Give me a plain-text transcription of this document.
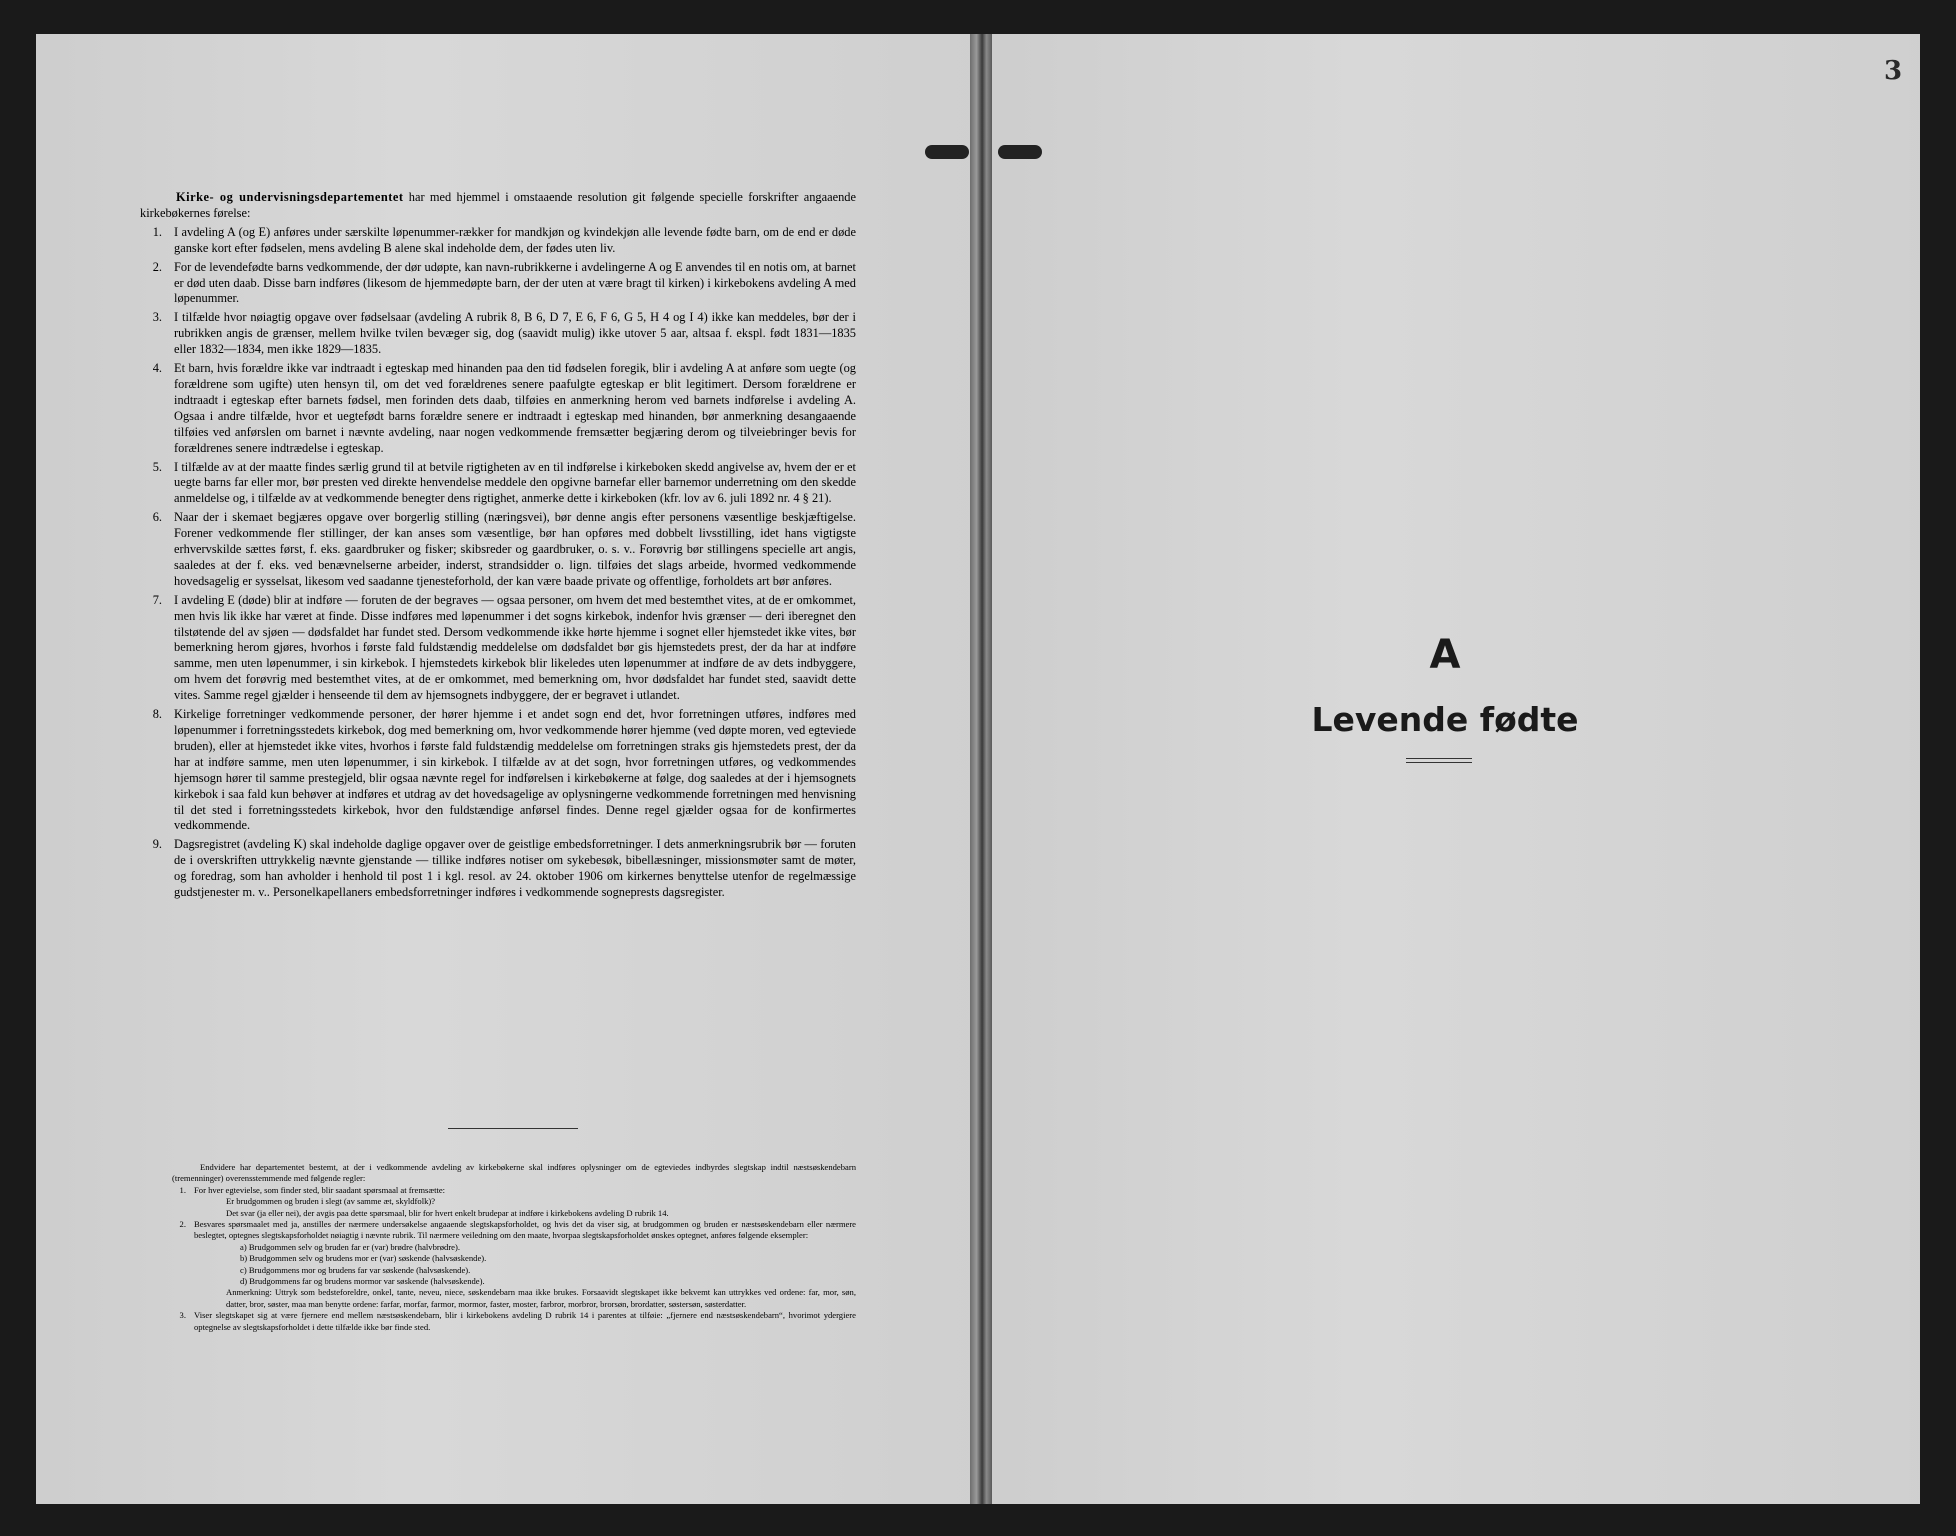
3

Kirke- og undervisningsdepartementet har med hjemmel i omstaaende resolution git følgende specielle forskrifter angaaende kirkebøkernes førelse:

1. I avdeling A (og E) anføres under særskilte løpenummer-rækker for mandkjøn og kvindekjøn alle levende fødte barn, om de end er døde ganske kort efter fødselen, mens avdeling B alene skal indeholde dem, der fødes uten liv.
2. For de levendefødte barns vedkommende, der dør udøpte, kan navn-rubrikkerne i avdelingerne A og E anvendes til en notis om, at barnet er død uten daab. Disse barn indføres (likesom de hjemmedøpte barn, der der uten at være bragt til kirken) i kirkebokens avdeling A med løpenummer.
3. I tilfælde hvor nøiagtig opgave over fødselsaar (avdeling A rubrik 8, B 6, D 7, E 6, F 6, G 5, H 4 og I 4) ikke kan meddeles, bør der i rubrikken angis de grænser, mellem hvilke tvilen bevæger sig, dog (saavidt mulig) ikke utover 5 aar, altsaa f. ekspl. født 1831—1835 eller 1832—1834, men ikke 1829—1835.
4. Et barn, hvis forældre ikke var indtraadt i egteskap med hinanden paa den tid fødselen foregik, blir i avdeling A at anføre som uegte (og forældrene som ugifte) uten hensyn til, om det ved forældrenes senere paafulgte egteskap er blit legitimert. Dersom forældrene er indtraadt i egteskap efter barnets fødsel, men forinden dets daab, tilføies en anmerkning herom ved barnets indførelse i avdeling A. Ogsaa i andre tilfælde, hvor et uegtefødt barns forældre senere er indtraadt i egteskap med hinanden, bør anmerkning desangaaende tilføies ved anførslen om barnet i nævnte avdeling, naar nogen vedkommende fremsætter begjæring derom og tilveiebringer bevis for forældrenes senere indtrædelse i egteskap.
5. I tilfælde av at der maatte findes særlig grund til at betvile rigtigheten av en til indførelse i kirkeboken skedd angivelse av, hvem der er et uegte barns far eller mor, bør presten ved direkte henvendelse meddele den opgivne barnefar eller barnemor underretning om den skedde anmeldelse og, i tilfælde av at vedkommende benegter dens rigtighet, anmerke dette i kirkeboken (kfr. lov av 6. juli 1892 nr. 4 § 21).
6. Naar der i skemaet begjæres opgave over borgerlig stilling (næringsvei), bør denne angis efter personens væsentlige beskjæftigelse. Forener vedkommende fler stillinger, der kan anses som væsentlige, bør han opføres med dobbelt livsstilling, idet hans vigtigste erhvervskilde sættes først, f. eks. gaardbruker og fisker; skibsreder og gaardbruker, o. s. v.. Forøvrig bør stillingens specielle art angis, saaledes at der f. eks. ved benævnelserne arbeider, inderst, strandsidder o. lign. tilføies det slags arbeide, hvormed vedkommende hovedsagelig er sysselsat, likesom ved saadanne tjenesteforhold, der kan være baade private og offentlige, forholdets art bør anføres.
7. I avdeling E (døde) blir at indføre — foruten de der begraves — ogsaa personer, om hvem det med bestemthet vites, at de er omkommet, men hvis lik ikke har været at finde. Disse indføres med løpenummer i det sogns kirkebok, indenfor hvis grænser — deri iberegnet den tilstøtende del av sjøen — dødsfaldet har fundet sted. Dersom vedkommende ikke hørte hjemme i sognet eller hjemstedet ikke vites, bør bemerkning herom gjøres, hvorhos i første fald fuldstændig meddelelse om dødsfaldet bør gis hjemstedets prest, der da har at indføre samme, men uten løpenummer, i sin kirkebok. I hjemstedets kirkebok blir likeledes uten løpenummer at indføre de av dets indbyggere, om hvem det forøvrig med bestemthet vites, at de er omkommet, med bemerkning om, hvor dødsfaldet har fundet sted, saavidt dette vites. Samme regel gjælder i henseende til dem av hjemsognets indbyggere, der er begravet i utlandet.
8. Kirkelige forretninger vedkommende personer, der hører hjemme i et andet sogn end det, hvor forretningen utføres, indføres med løpenummer i forretningsstedets kirkebok, dog med bemerkning om, hvor vedkommende hører hjemme (ved døpte moren, ved egteviede bruden), eller at hjemstedet ikke vites, hvorhos i første fald fuldstændig meddelelse om forretningen straks gis hjemstedets prest, der da har at indføre samme, men uten løpenummer, i sin kirkebok. I tilfælde av at det sogn, hvor forretningen utføres, og vedkommendes hjemsogn hører til samme prestegjeld, blir ogsaa nævnte regel for indførelsen i kirkebøkerne at følge, dog saaledes at der i hjemsognets kirkebok i saa fald kun behøver at indføres et utdrag av det hovedsagelige av oplysningerne vedkommende forretningen med henvisning til det sted i forretningsstedets kirkebok, hvor den fuldstændige anførsel findes. Denne regel gjælder ogsaa for de konfirmertes vedkommende.
9. Dagsregistret (avdeling K) skal indeholde daglige opgaver over de geistlige embedsforretninger. I dets anmerkningsrubrik bør — foruten de i overskriften uttrykkelig nævnte gjenstande — tillike indføres notiser om sykebesøk, bibellæsninger, missionsmøter samt de møter, og foredrag, som han avholder i henhold til post 1 i kgl. resol. av 24. oktober 1906 om kirkernes benyttelse utenfor de regelmæssige gudstjenester m. v.. Personelkapellaners embedsforretninger indføres i vedkommende sogneprests dagsregister.

Endvidere har departementet bestemt, at der i vedkommende avdeling av kirkebøkerne skal indføres oplysninger om de egteviedes indbyrdes slegtskap indtil næstsøskendebarn (tremenninger) overensstemmende med følgende regler:

1. For hver egtevielse, som finder sted, blir saadant spørsmaal at fremsætte:

Er brudgommen og bruden i slegt (av samme æt, skyldfolk)?

Det svar (ja eller nei), der avgis paa dette spørsmaal, blir for hvert enkelt brudepar at indføre i kirkebokens avdeling D rubrik 14.

2. Besvares spørsmaalet med ja, anstilles der nærmere undersøkelse angaaende slegtskapsforholdet, og hvis det da viser sig, at brudgommen og bruden er næstsøskendebarn eller nærmere beslegtet, optegnes slegtskapsforholdet nøiagtig i nævnte rubrik. Til nærmere veiledning om den maate, hvorpaa slegtskapsforholdet ønskes optegnet, anføres følgende eksempler:

a) Brudgommen selv og bruden far er (var) brødre (halvbrødre).

b) Brudgommen selv og brudens mor er (var) søskende (halvsøskende).

c) Brudgommens mor og brudens far var søskende (halvsøskende).

d) Brudgommens far og brudens mormor var søskende (halvsøskende).

Anmerkning: Uttryk som bedsteforeldre, onkel, tante, neveu, niece, søskendebarn maa ikke brukes. Forsaavidt slegtskapet ikke bekvemt kan uttrykkes ved ordene: far, mor, søn, datter, bror, søster, maa man benytte ordene: farfar, morfar, farmor, mormor, faster, moster, farbror, morbror, brorsøn, brordatter, søstersøn, søsterdatter.

3. Viser slegtskapet sig at være fjernere end mellem næstsøskendebarn, blir i kirkebokens avdeling D rubrik 14 i parentes at tilføie: „fjernere end næstsøskendebarn“, hvorimot ydergiere optegnelse av slegtskapsforholdet i dette tilfælde ikke bør finde sted.

A
Levende fødte
